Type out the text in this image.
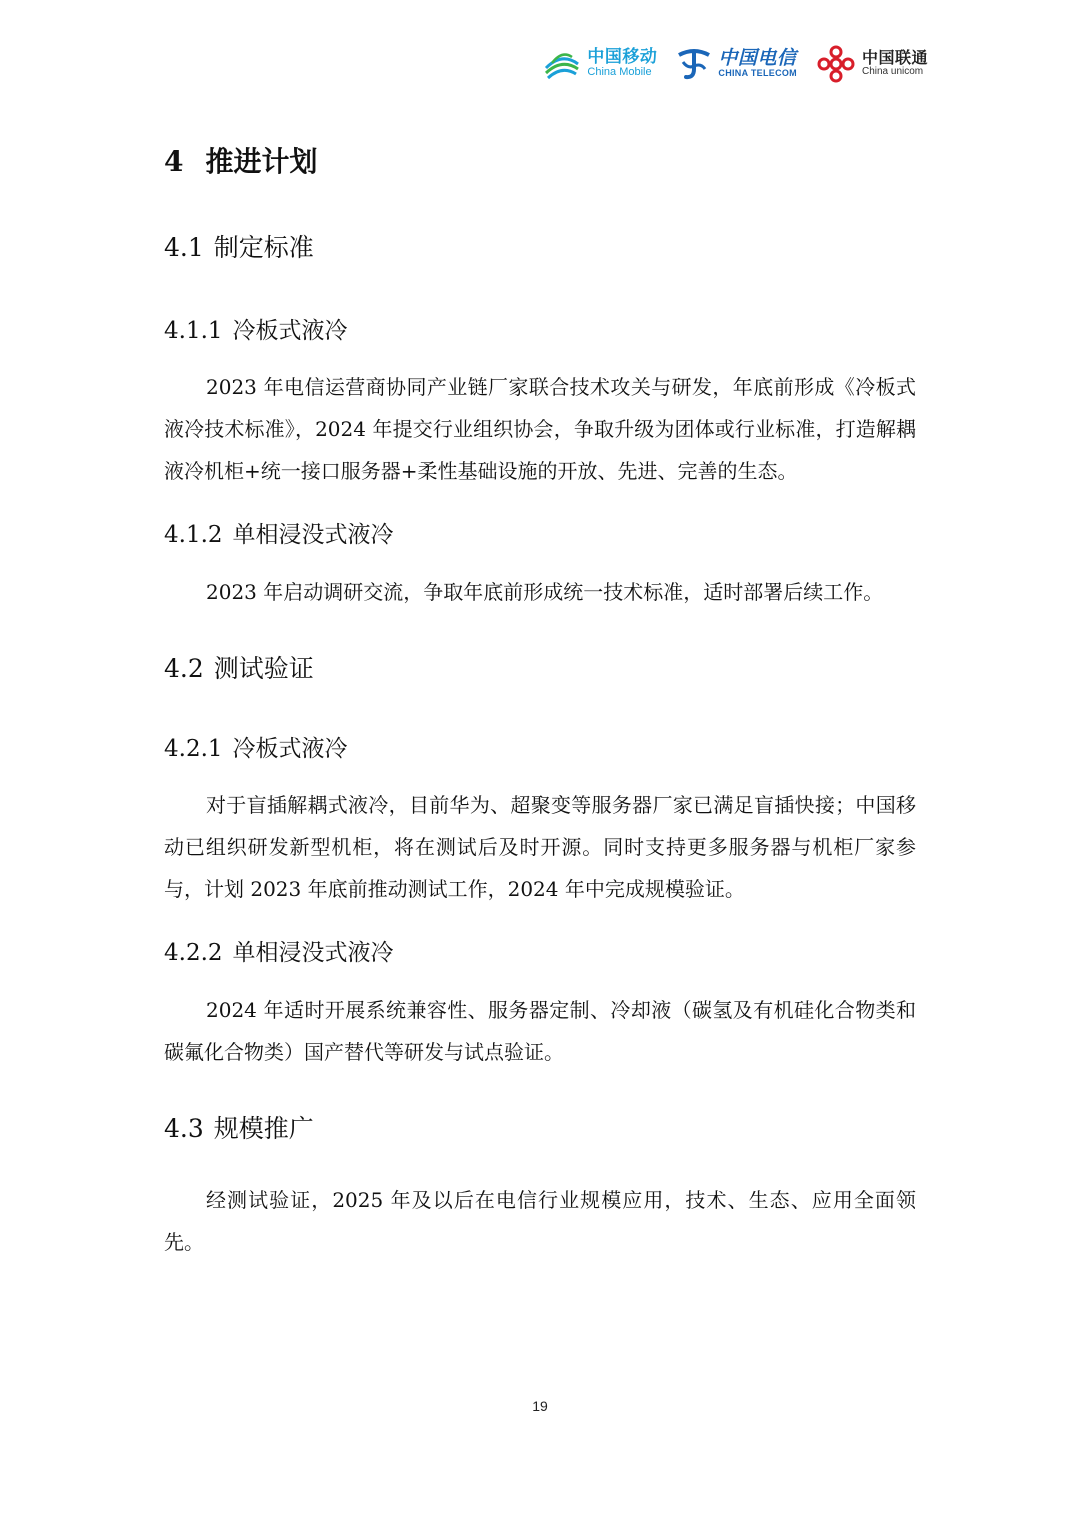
中国移动
China Mobile
中国电信
CHINA TELECOM
中国联通
China unicom
4 推进计划
4.1 制定标准
4.1.1 冷板式液冷
2023 年电信运营商协同产业链厂家联合技术攻关与研发，年底前形成《冷板式液冷技术标准》，2024 年提交行业组织协会，争取升级为团体或行业标准，打造解耦液冷机柜+统一接口服务器+柔性基础设施的开放、先进、完善的生态。
4.1.2 单相浸没式液冷
2023 年启动调研交流，争取年底前形成统一技术标准，适时部署后续工作。
4.2 测试验证
4.2.1 冷板式液冷
对于盲插解耦式液冷，目前华为、超聚变等服务器厂家已满足盲插快接；中国移动已组织研发新型机柜，将在测试后及时开源。同时支持更多服务器与机柜厂家参与，计划 2023 年底前推动测试工作，2024 年中完成规模验证。
4.2.2 单相浸没式液冷
2024 年适时开展系统兼容性、服务器定制、冷却液（碳氢及有机硅化合物类和碳氟化合物类）国产替代等研发与试点验证。
4.3 规模推广
经测试验证，2025 年及以后在电信行业规模应用，技术、生态、应用全面领先。
19
